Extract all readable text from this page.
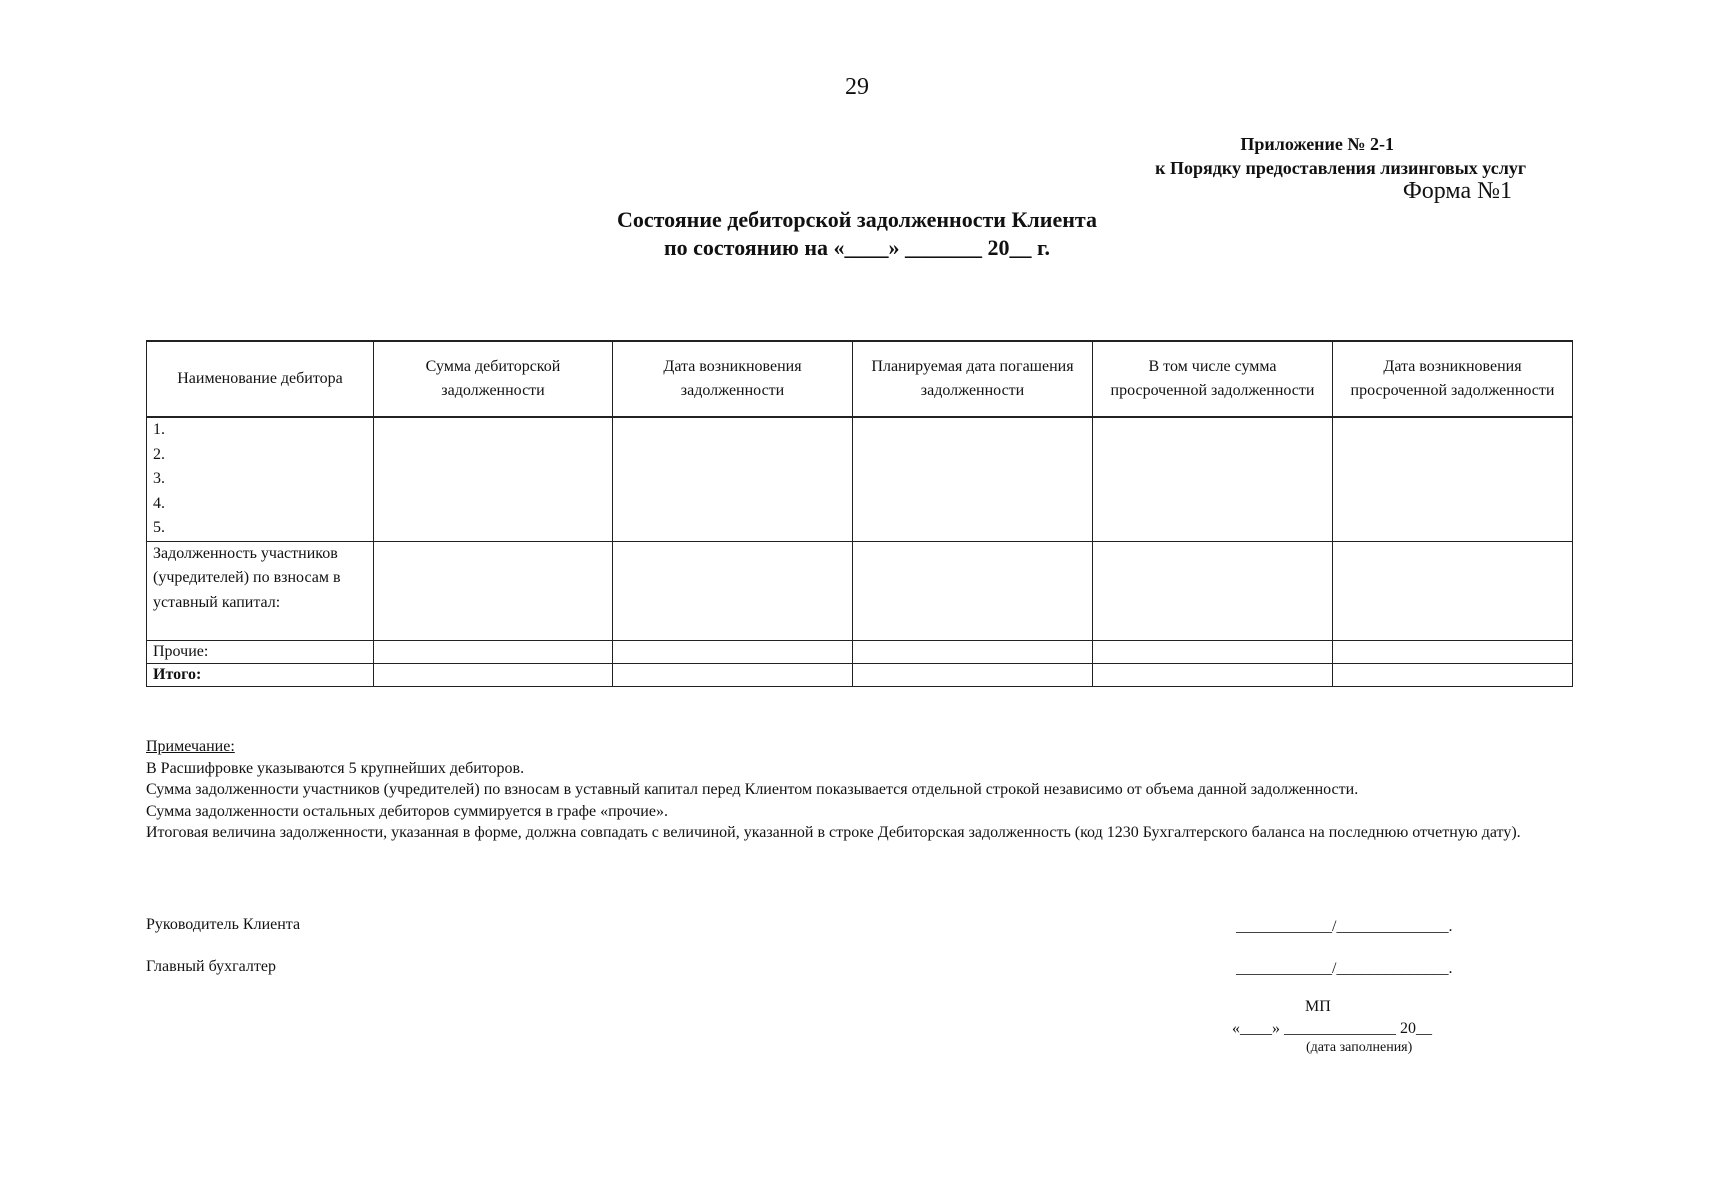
29
Приложение № 2-1
к Порядку предоставления лизинговых услуг
Форма №1
Состояние дебиторской задолженности Клиента
по состоянию на «____» _______ 20__ г.
Наименование дебитора	Сумма дебиторской задолженности	Дата возникновения задолженности	Планируемая дата погашения задолженности	В том числе сумма просроченной задолженности	Дата возникновения просроченной задолженности

1.
2.
3.
4.
5.					

Задолженность участников (учредителей) по взносам в уставный капитал:					
Прочие:					
Итого:					
Примечание:
В Расшифровке указываются 5 крупнейших дебиторов.
Сумма задолженности участников (учредителей) по взносам в уставный капитал перед Клиентом показывается отдельной строкой независимо от объема данной задолженности.
Сумма задолженности остальных дебиторов суммируется в графе «прочие».
Итоговая величина задолженности, указанная в форме, должна совпадать с величиной, указанной в строке Дебиторская задолженность (код 1230 Бухгалтерского баланса на последнюю отчетную дату).
Руководитель Клиента	____________/______________.
Главный бухгалтер	____________/______________.
МП
«____» ______________ 20__
(дата заполнения)
